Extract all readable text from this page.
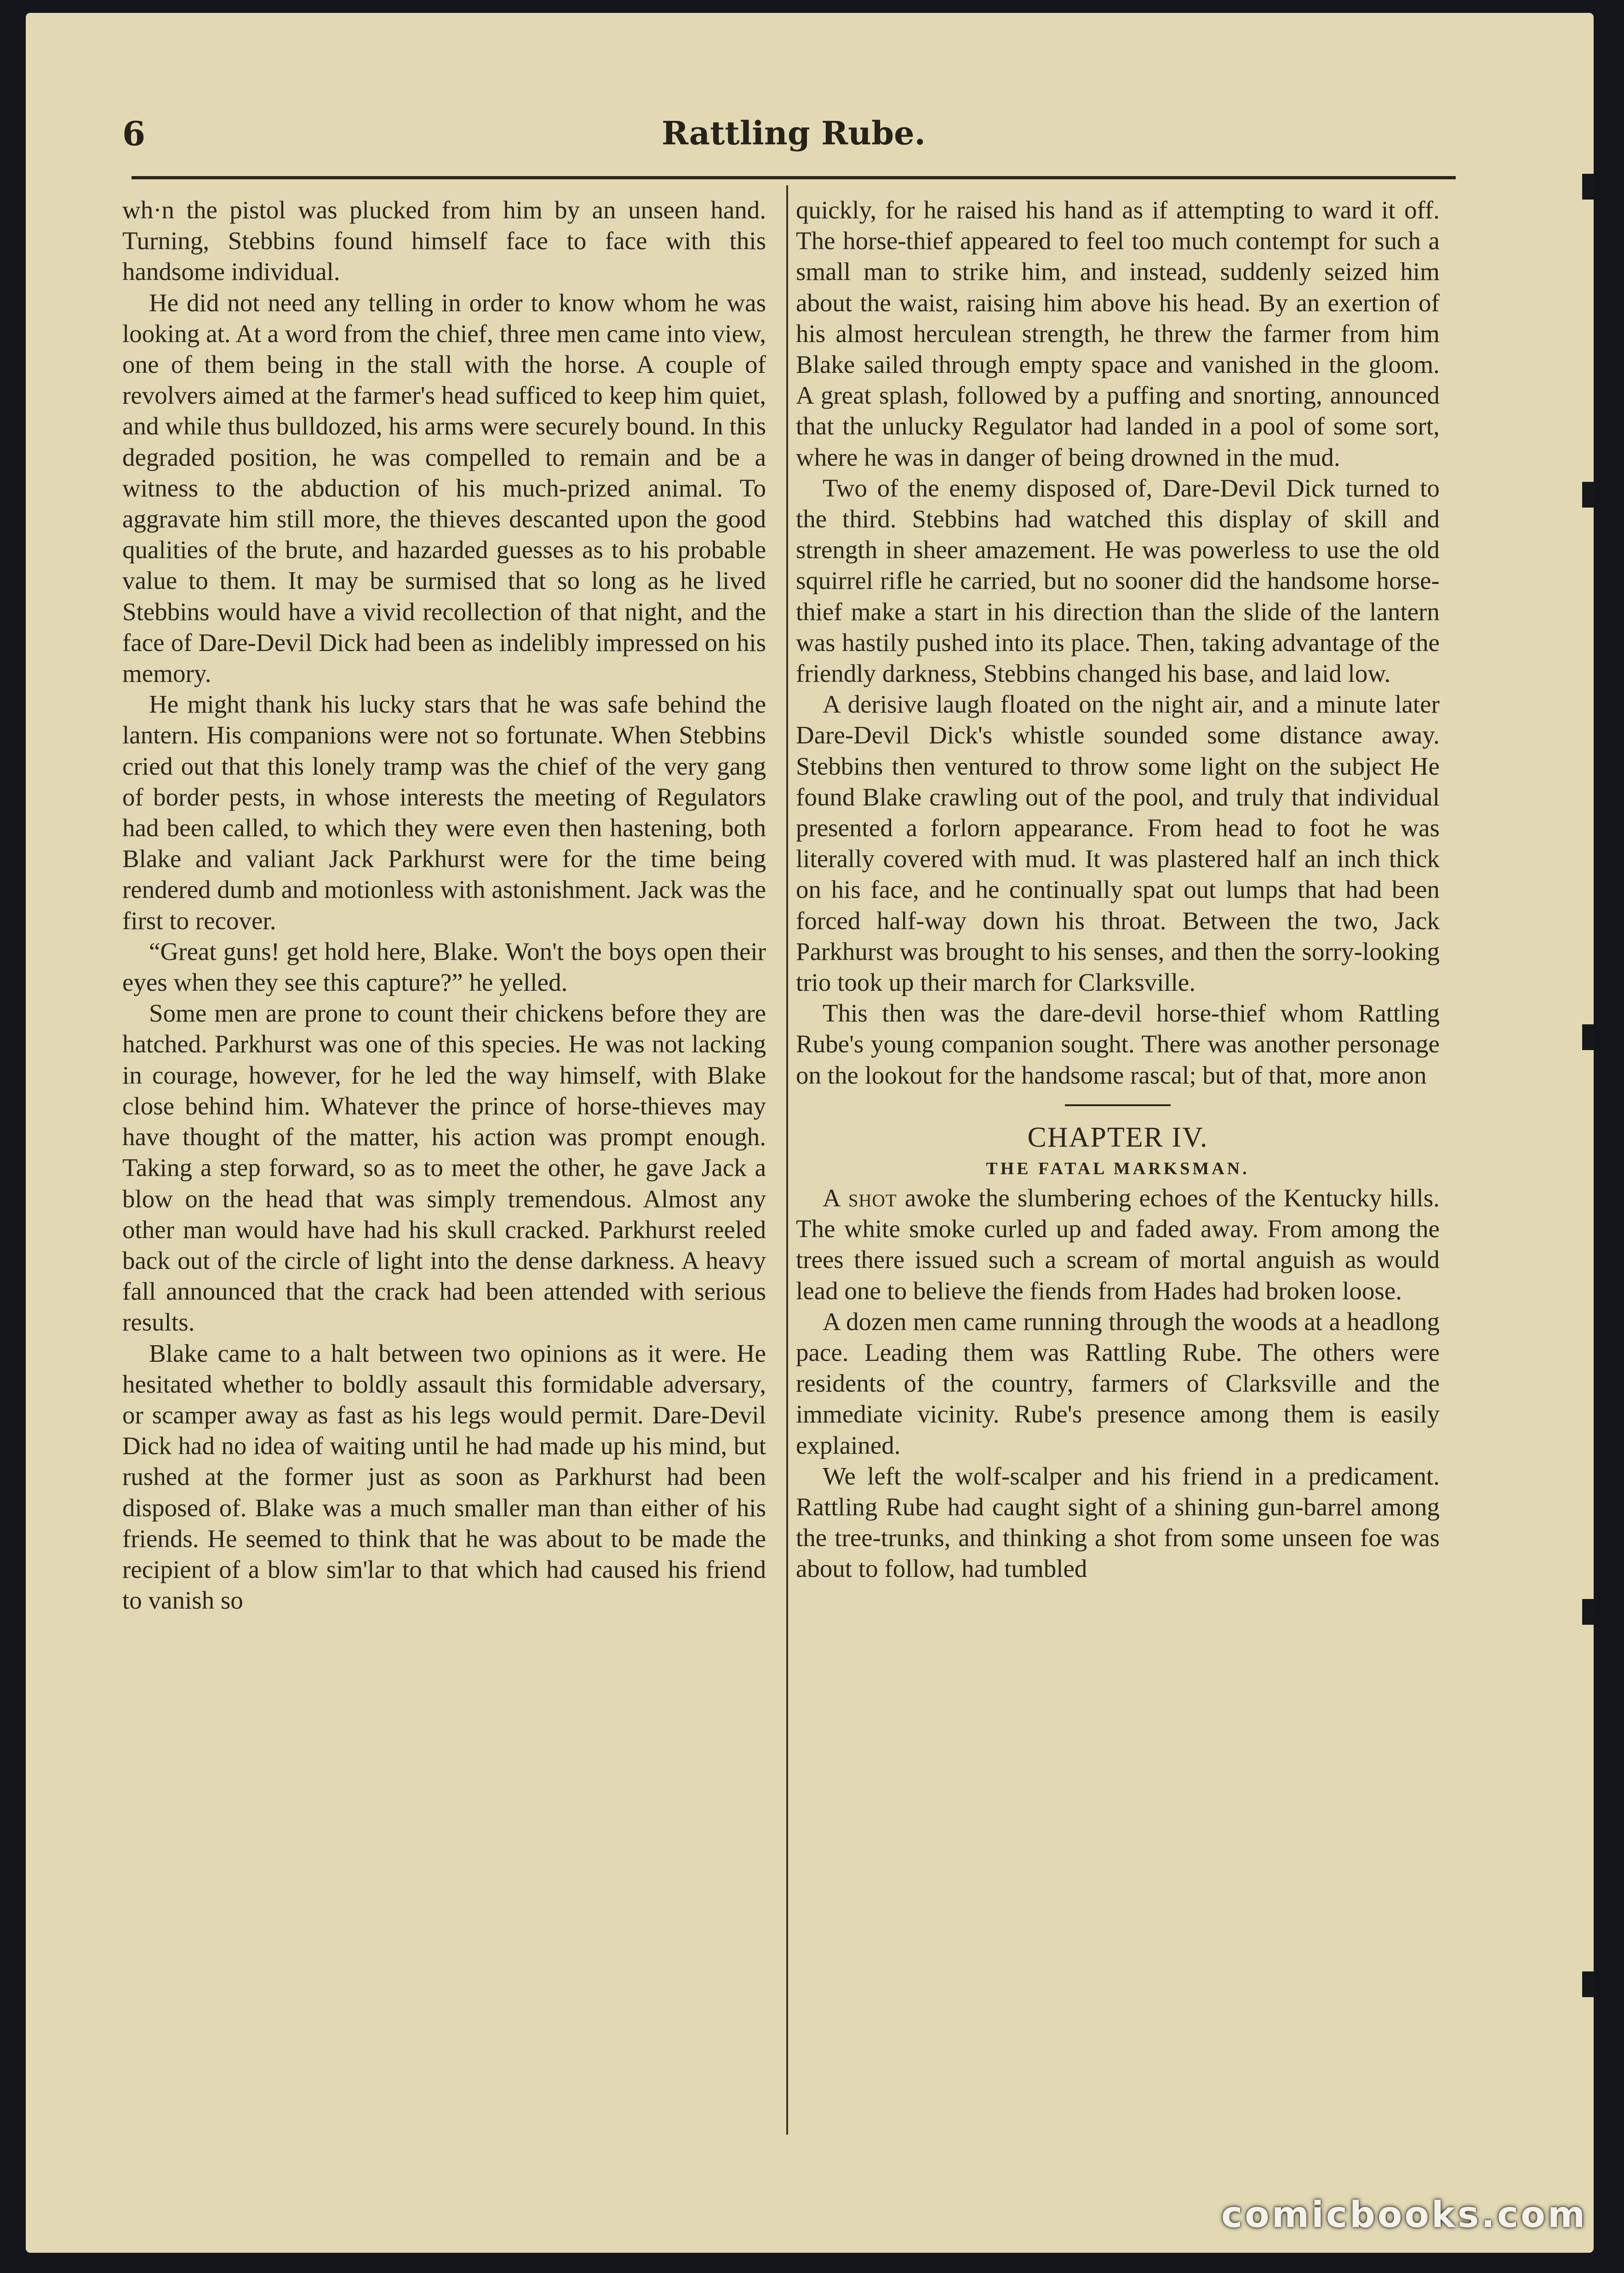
6	Rattling Rube.

wh·n the pistol was plucked from him by an unseen hand. Turning, Stebbins found himself face to face with this handsome individual.

He did not need any telling in order to know whom he was looking at. At a word from the chief, three men came into view, one of them being in the stall with the horse. A couple of revolvers aimed at the farmer's head sufficed to keep him quiet, and while thus bulldozed, his arms were securely bound. In this degraded position, he was compelled to remain and be a witness to the abduction of his much-prized animal. To aggravate him still more, the thieves descanted upon the good qualities of the brute, and hazarded guesses as to his probable value to them. It may be surmised that so long as he lived Stebbins would have a vivid recollection of that night, and the face of Dare-Devil Dick had been as indelibly impressed on his memory.

He might thank his lucky stars that he was safe behind the lantern. His companions were not so fortunate. When Stebbins cried out that this lonely tramp was the chief of the very gang of border pests, in whose interests the meeting of Regulators had been called, to which they were even then hastening, both Blake and valiant Jack Parkhurst were for the time being rendered dumb and motionless with astonishment. Jack was the first to recover.

“Great guns! get hold here, Blake. Won't the boys open their eyes when they see this capture?” he yelled.

Some men are prone to count their chickens before they are hatched. Parkhurst was one of this species. He was not lacking in courage, however, for he led the way himself, with Blake close behind him. Whatever the prince of horse-thieves may have thought of the matter, his action was prompt enough. Taking a step forward, so as to meet the other, he gave Jack a blow on the head that was simply tremendous. Almost any other man would have had his skull cracked. Parkhurst reeled back out of the circle of light into the dense darkness. A heavy fall announced that the crack had been attended with serious results.

Blake came to a halt between two opinions as it were. He hesitated whether to boldly assault this formidable adversary, or scamper away as fast as his legs would permit. Dare-Devil Dick had no idea of waiting until he had made up his mind, but rushed at the former just as soon as Parkhurst had been disposed of. Blake was a much smaller man than either of his friends. He seemed to think that he was about to be made the recipient of a blow sim'lar to that which had caused his friend to vanish so

quickly, for he raised his hand as if attempting to ward it off. The horse-thief appeared to feel too much contempt for such a small man to strike him, and instead, suddenly seized him about the waist, raising him above his head. By an exertion of his almost herculean strength, he threw the farmer from him Blake sailed through empty space and vanished in the gloom. A great splash, followed by a puffing and snorting, announced that the unlucky Regulator had landed in a pool of some sort, where he was in danger of being drowned in the mud.

Two of the enemy disposed of, Dare-Devil Dick turned to the third. Stebbins had watched this display of skill and strength in sheer amazement. He was powerless to use the old squirrel rifle he carried, but no sooner did the handsome horse-thief make a start in his direction than the slide of the lantern was hastily pushed into its place. Then, taking advantage of the friendly darkness, Stebbins changed his base, and laid low.

A derisive laugh floated on the night air, and a minute later Dare-Devil Dick's whistle sounded some distance away. Stebbins then ventured to throw some light on the subject He found Blake crawling out of the pool, and truly that individual presented a forlorn appearance. From head to foot he was literally covered with mud. It was plastered half an inch thick on his face, and he continually spat out lumps that had been forced half-way down his throat. Between the two, Jack Parkhurst was brought to his senses, and then the sorry-looking trio took up their march for Clarksville.

This then was the dare-devil horse-thief whom Rattling Rube's young companion sought. There was another personage on the lookout for the handsome rascal; but of that, more anon

CHAPTER IV.

THE FATAL MARKSMAN.

A shot awoke the slumbering echoes of the Kentucky hills. The white smoke curled up and faded away. From among the trees there issued such a scream of mortal anguish as would lead one to believe the fiends from Hades had broken loose.

A dozen men came running through the woods at a headlong pace. Leading them was Rattling Rube. The others were residents of the country, farmers of Clarksville and the immediate vicinity. Rube's presence among them is easily explained.

We left the wolf-scalper and his friend in a predicament. Rattling Rube had caught sight of a shining gun-barrel among the tree-trunks, and thinking a shot from some unseen foe was about to follow, had tumbled

comicbooks.com
